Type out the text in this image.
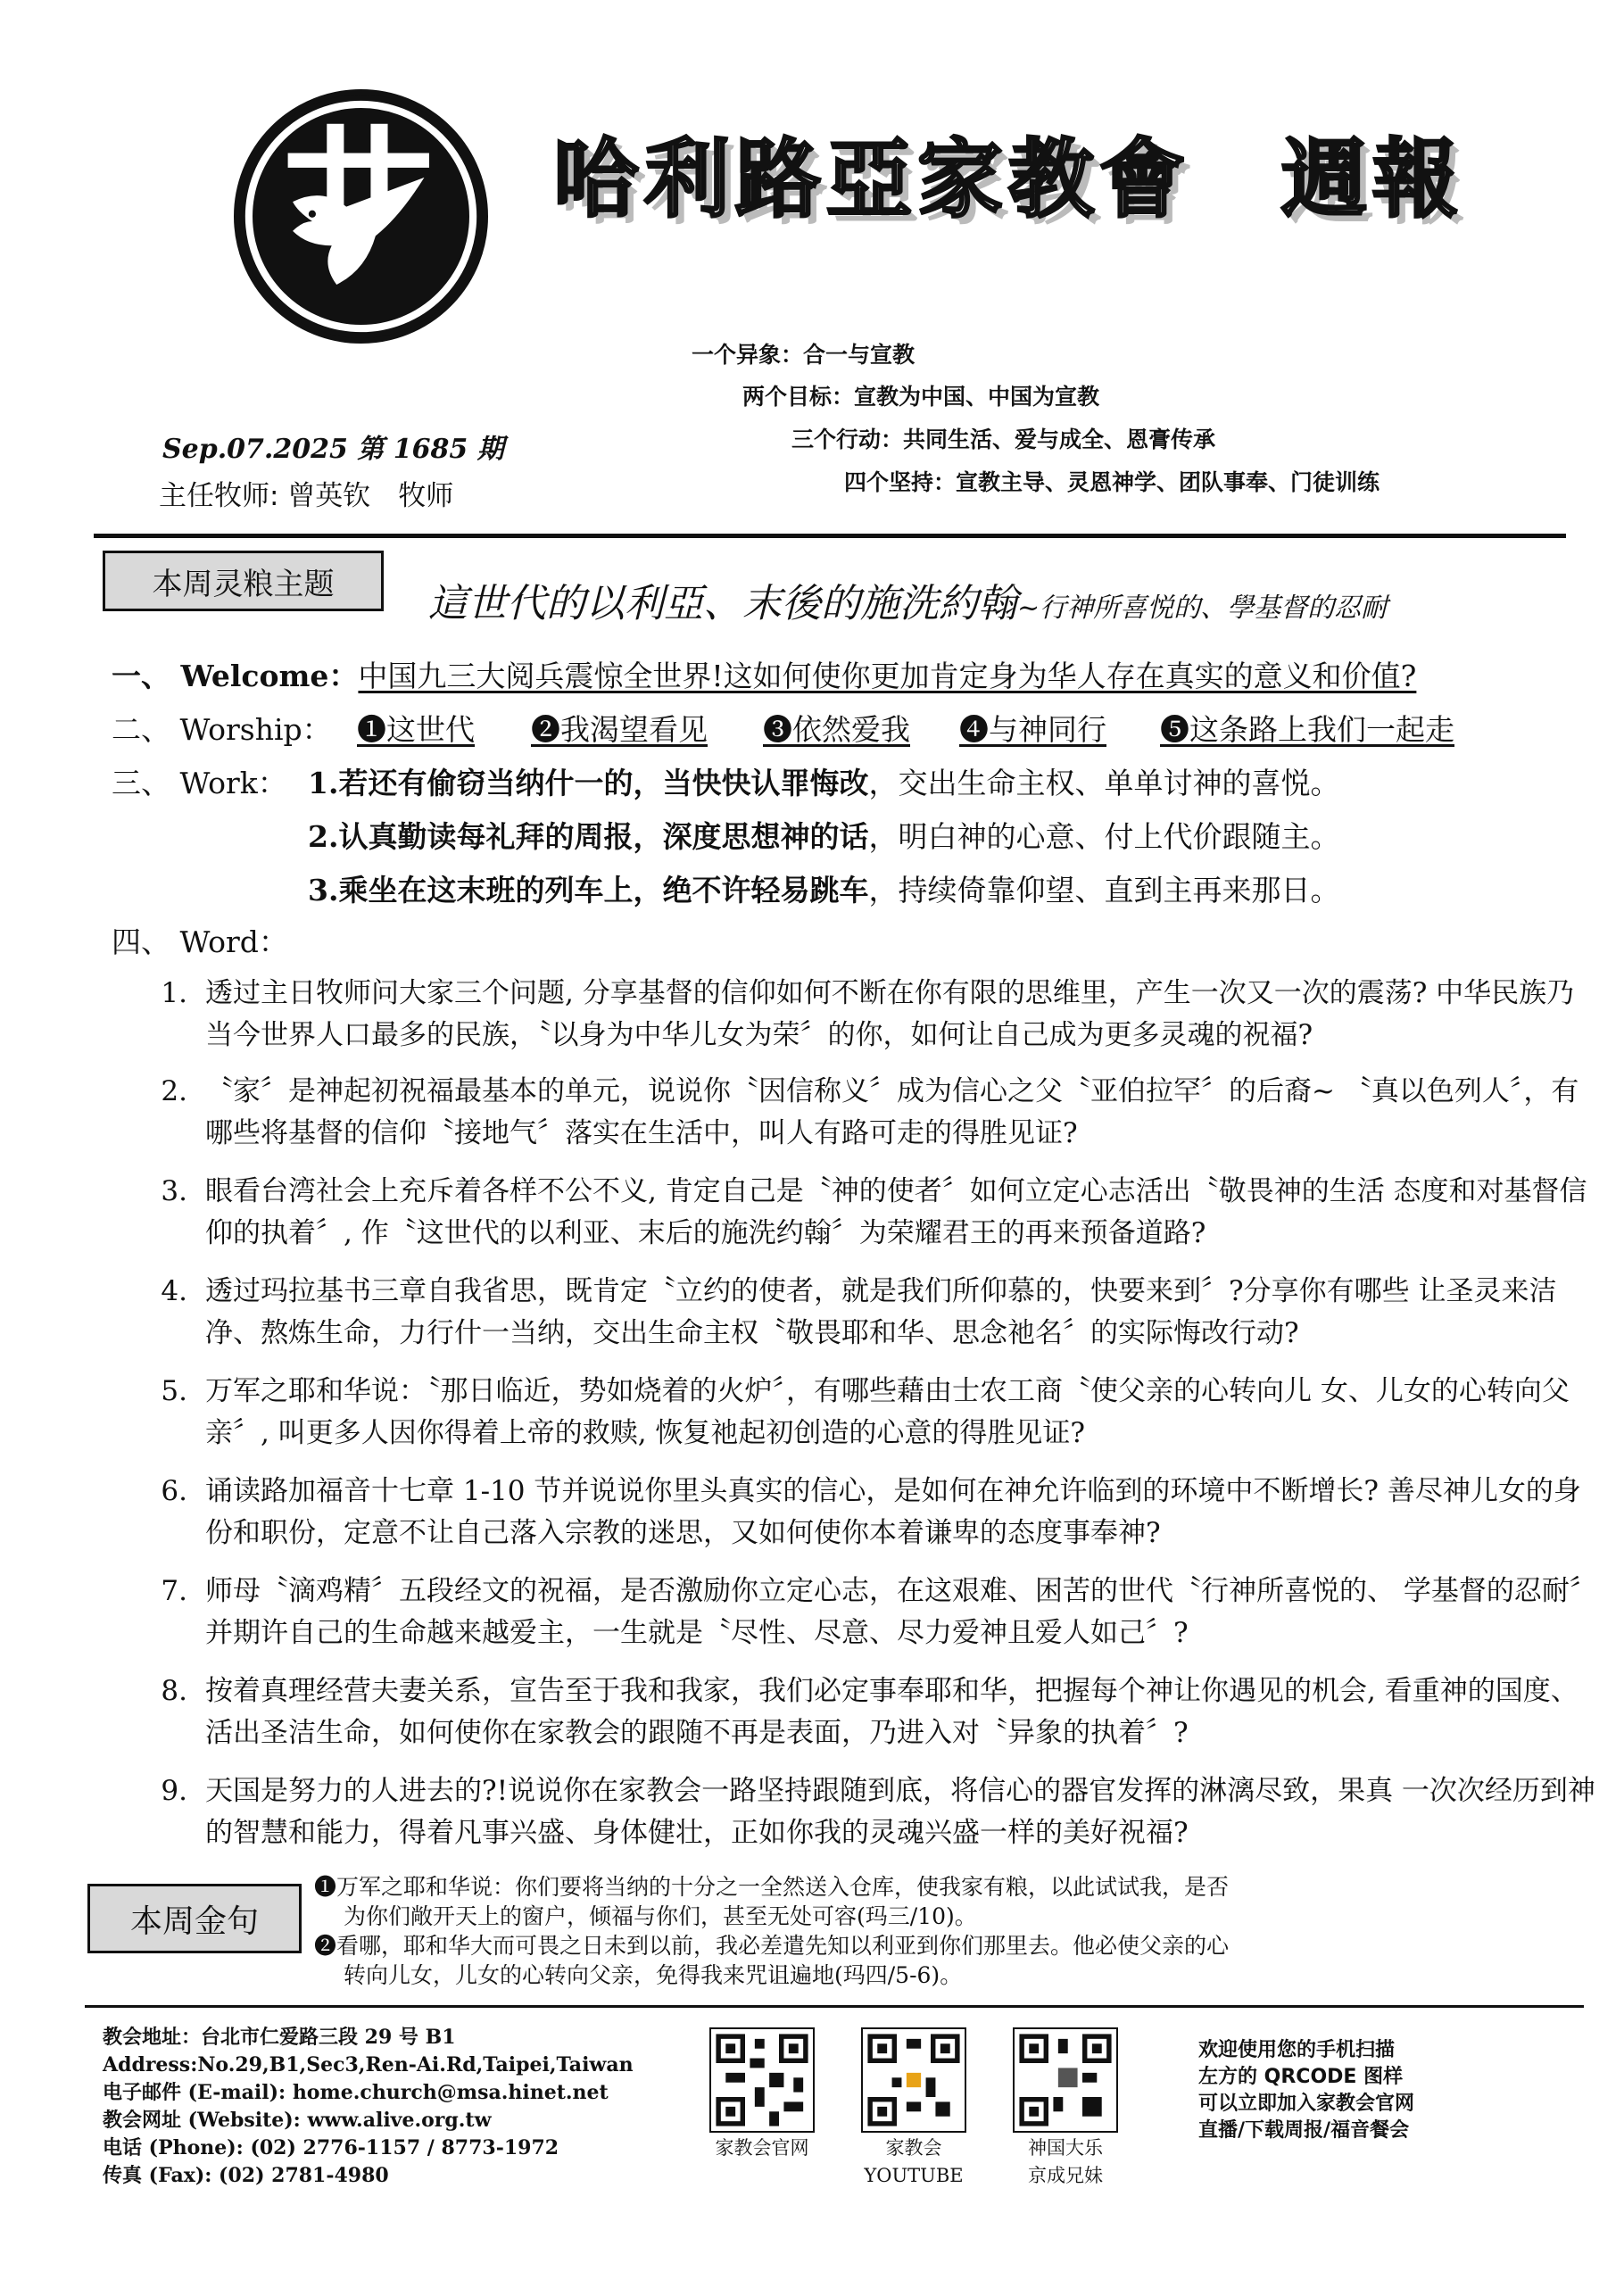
哈利路亞家教會　週報
一个异象：合一与宣教
两个目标：宣教为中国、中国为宣教
三个行动：共同生活、爱与成全、恩膏传承
四个坚持：宣教主导、灵恩神学、团队事奉、门徒训练
Sep.07.2025 第 1685 期
主任牧师: 曾英钦　牧师
本周灵粮主题	這世代的以利亞、末後的施洗約翰~行神所喜悦的、學基督的忍耐
一、 Welcome：中国九三大阅兵震惊全世界!这如何使你更加肯定身为华人存在真实的意义和价值?
二、 Worship： ❶这世代 ❷我渴望看见 ❸依然爱我 ❹与神同行 ❺这条路上我们一起走
三、 Work： 1.若还有偷窃当纳什一的，当快快认罪悔改，交出生命主权、单单讨神的喜悦。
2.认真勤读每礼拜的周报，深度思想神的话，明白神的心意、付上代价跟随主。
3.乘坐在这末班的列车上，绝不许轻易跳车，持续倚靠仰望、直到主再来那日。
四、 Word：
1. 透过主日牧师问大家三个问题, 分享基督的信仰如何不断在你有限的思维里，产生一次又一次的震荡? 中华民族乃当今世界人口最多的民族，〝以身为中华儿女为荣〞的你，如何让自己成为更多灵魂的祝福?
2. 〝家〞是神起初祝福最基本的单元，说说你〝因信称义〞成为信心之父〝亚伯拉罕〞的后裔~ 〝真以色列人〞，有哪些将基督的信仰〝接地气〞落实在生活中，叫人有路可走的得胜见证?
3. 眼看台湾社会上充斥着各样不公不义, 肯定自己是〝神的使者〞如何立定心志活出〝敬畏神的生活 态度和对基督信仰的执着〞, 作〝这世代的以利亚、末后的施洗约翰〞为荣耀君王的再来预备道路?
4. 透过玛拉基书三章自我省思，既肯定〝立约的使者，就是我们所仰慕的，快要来到〞?分享你有哪些 让圣灵来洁净、熬炼生命，力行什一当纳，交出生命主权〝敬畏耶和华、思念祂名〞的实际悔改行动?
5. 万军之耶和华说：〝那日临近，势如烧着的火炉〞，有哪些藉由士农工商〝使父亲的心转向儿 女、儿女的心转向父亲〞, 叫更多人因你得着上帝的救赎, 恢复祂起初创造的心意的得胜见证?
6. 诵读路加福音十七章 1-10 节并说说你里头真实的信心，是如何在神允许临到的环境中不断增长? 善尽神儿女的身份和职份，定意不让自己落入宗教的迷思，又如何使你本着谦卑的态度事奉神?
7. 师母〝滴鸡精〞五段经文的祝福，是否激励你立定心志，在这艰难、困苦的世代〝行神所喜悦的、 学基督的忍耐〞并期许自己的生命越来越爱主，一生就是〝尽性、尽意、尽力爱神且爱人如己〞?
8. 按着真理经营夫妻关系，宣告至于我和我家，我们必定事奉耶和华，把握每个神让你遇见的机会, 看重神的国度、活出圣洁生命，如何使你在家教会的跟随不再是表面，乃进入对〝异象的执着〞?
9. 天国是努力的人进去的?!说说你在家教会一路坚持跟随到底，将信心的器官发挥的淋漓尽致，果真 一次次经历到神的智慧和能力，得着凡事兴盛、身体健壮，正如你我的灵魂兴盛一样的美好祝福?
本周金句
❶万军之耶和华说：你们要将当纳的十分之一全然送入仓库，使我家有粮，以此试试我，是否
为你们敞开天上的窗户，倾福与你们，甚至无处可容(玛三/10)。
❷看哪，耶和华大而可畏之日未到以前，我必差遣先知以利亚到你们那里去。他必使父亲的心
转向儿女，儿女的心转向父亲，免得我来咒诅遍地(玛四/5-6)。
教会地址：台北市仁爱路三段 29 号 B1
Address:No.29,B1,Sec3,Ren-Ai.Rd,Taipei,Taiwan
电子邮件 (E-mail): home.church@msa.hinet.net
教会网址 (Website): www.alive.org.tw
电话 (Phone): (02) 2776-1157 / 8773-1972
传真 (Fax): (02) 2781-4980
家教会官网	家教会
YOUTUBE
神国大乐
京成兄妹
欢迎使用您的手机扫描
左方的 QRCODE 图样
可以立即加入家教会官网
直播/下载周报/福音餐会
